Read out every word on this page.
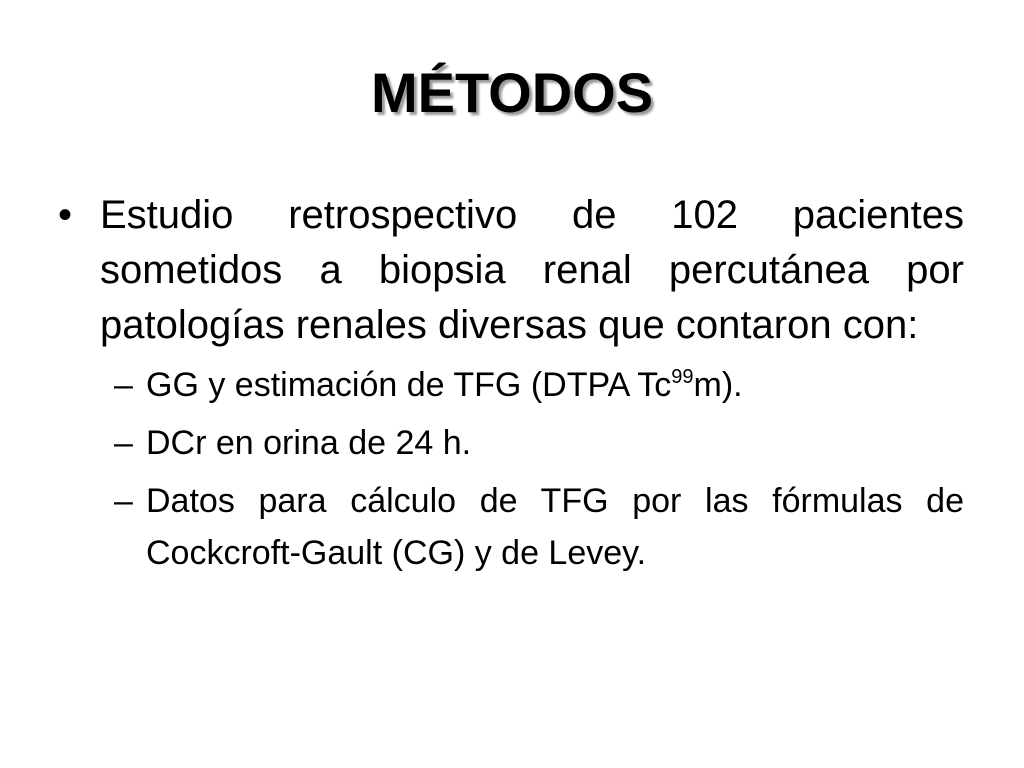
MÉTODOS
• Estudio retrospectivo de 102 pacientes sometidos a biopsia renal percutánea por patologías renales diversas que contaron con:
– GG y estimación de TFG (DTPA Tc$^{99}$m).
– DCr en orina de 24 h.
– Datos para cálculo de TFG por las fórmulas de Cockcroft-Gault (CG) y de Levey.
